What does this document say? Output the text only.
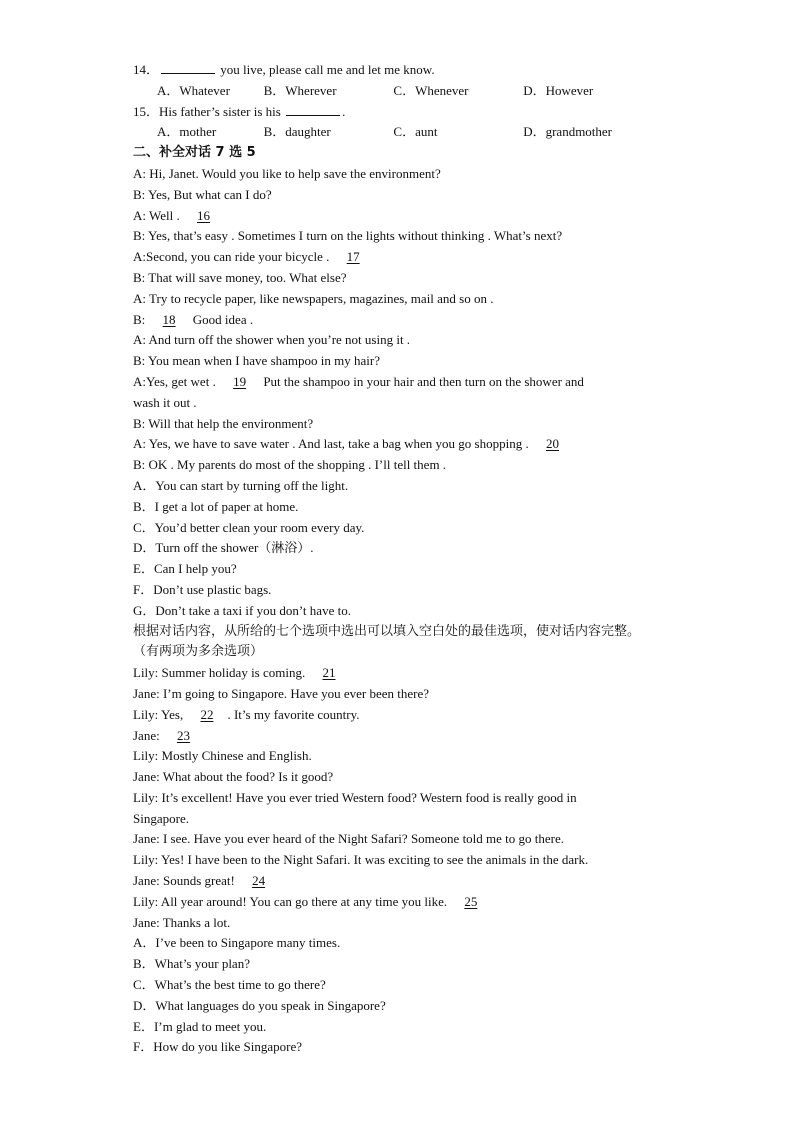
14．	you live, please call me and let me know.
A．Whatever	B．Wherever	C．Whenever	D．However
15．His father’s sister is his	.
A．mother	B．daughter	C．aunt	D．grandmother
二、补全对话 7 选 5
A: Hi, Janet. Would you like to help save the environment?
B: Yes, But what can I do?
A: Well . 16
B: Yes, that’s easy . Sometimes I turn on the lights without thinking . What’s next?
A:Second, you can ride your bicycle . 17
B: That will save money, too. What else?
A: Try to recycle paper, like newspapers, magazines, mail and so on .
B: 18 Good idea .
A: And turn off the shower when you’re not using it .
B: You mean when I have shampoo in my hair?
A:Yes, get wet . 19 Put the shampoo in your hair and then turn on the shower and
wash it out .
B: Will that help the environment?
A: Yes, we have to save water . And last, take a bag when you go shopping . 20
B: OK . My parents do most of the shopping . I’ll tell them .
A．You can start by turning off the light.
B．I get a lot of paper at home.
C．You’d better clean your room every day.
D．Turn off the shower（淋浴）.
E．Can I help you?
F．Don’t use plastic bags.
G．Don’t take a taxi if you don’t have to.
根据对话内容，从所给的七个选项中选出可以填入空白处的最佳选项，使对话内容完整。
（有两项为多余选项）
Lily: Summer holiday is coming. 21
Jane: I’m going to Singapore. Have you ever been there?
Lily: Yes, 22 . It’s my favorite country.
Jane: 23
Lily: Mostly Chinese and English.
Jane: What about the food? Is it good?
Lily: It’s excellent! Have you ever tried Western food? Western food is really good in
Singapore.
Jane: I see. Have you ever heard of the Night Safari? Someone told me to go there.
Lily: Yes! I have been to the Night Safari. It was exciting to see the animals in the dark.
Jane: Sounds great! 24
Lily: All year around! You can go there at any time you like. 25
Jane: Thanks a lot.
A．I’ve been to Singapore many times.
B．What’s your plan?
C．What’s the best time to go there?
D．What languages do you speak in Singapore?
E．I’m glad to meet you.
F．How do you like Singapore?
